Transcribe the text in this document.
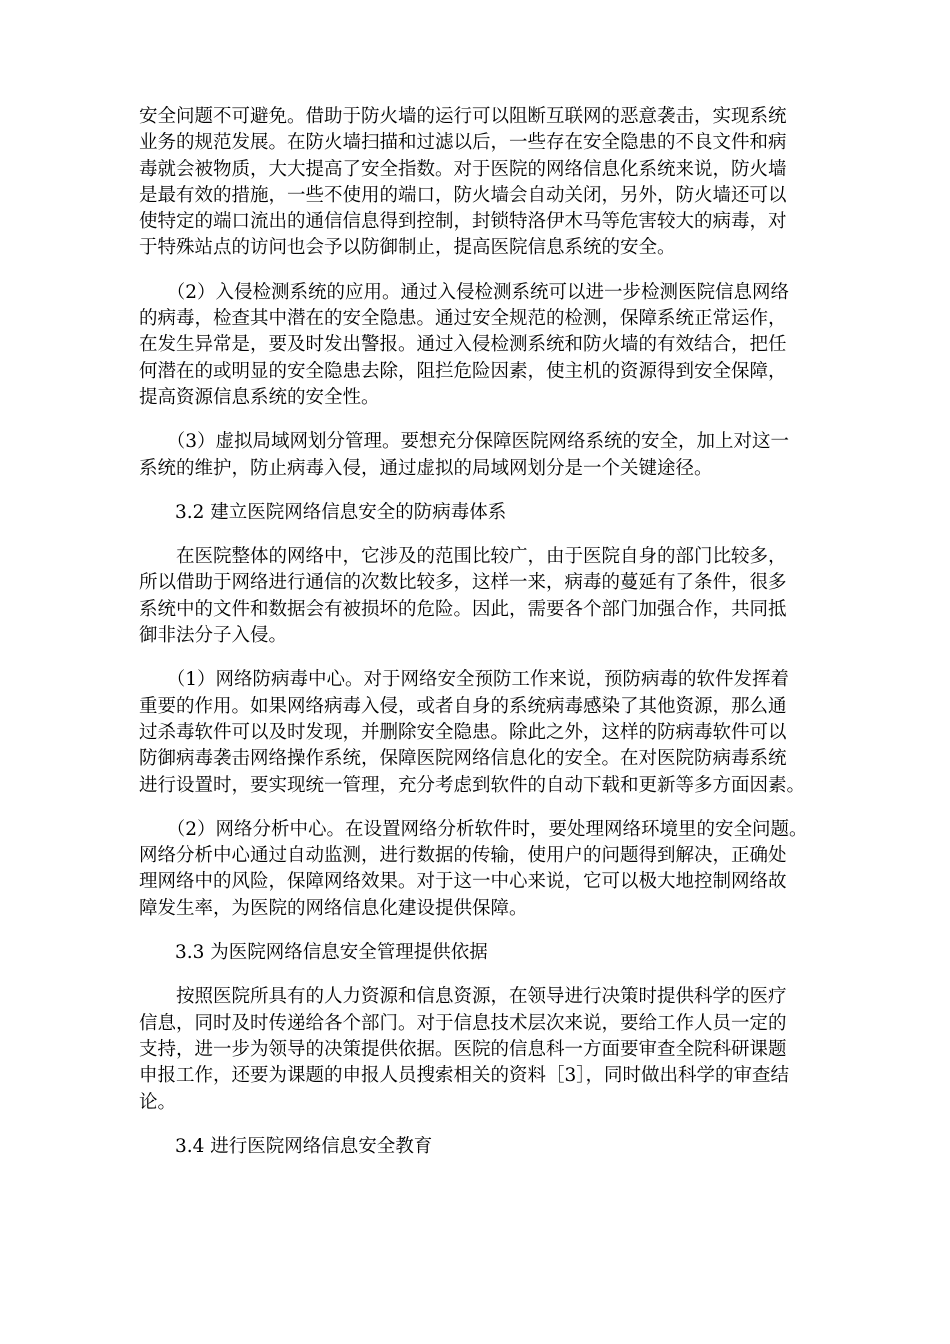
安全问题不可避免。借助于防火墙的运行可以阻断互联网的恶意袭击，实现系统
业务的规范发展。在防火墙扫描和过滤以后，一些存在安全隐患的不良文件和病
毒就会被物质，大大提高了安全指数。对于医院的网络信息化系统来说，防火墙
是最有效的措施，一些不使用的端口，防火墙会自动关闭，另外，防火墙还可以
使特定的端口流出的通信信息得到控制，封锁特洛伊木马等危害较大的病毒，对
于特殊站点的访问也会予以防御制止，提高医院信息系统的安全。
　　（2）入侵检测系统的应用。通过入侵检测系统可以进一步检测医院信息网络
的病毒，检查其中潜在的安全隐患。通过安全规范的检测，保障系统正常运作，
在发生异常是，要及时发出警报。通过入侵检测系统和防火墙的有效结合，把任
何潜在的或明显的安全隐患去除，阻拦危险因素，使主机的资源得到安全保障，
提高资源信息系统的安全性。
　　（3）虚拟局域网划分管理。要想充分保障医院网络系统的安全，加上对这一
系统的维护，防止病毒入侵，通过虚拟的局域网划分是一个关键途径。
3.2 建立医院网络信息安全的防病毒体系
　　在医院整体的网络中，它涉及的范围比较广，由于医院自身的部门比较多，
所以借助于网络进行通信的次数比较多，这样一来，病毒的蔓延有了条件，很多
系统中的文件和数据会有被损坏的危险。因此，需要各个部门加强合作，共同抵
御非法分子入侵。
　　（1）网络防病毒中心。对于网络安全预防工作来说，预防病毒的软件发挥着
重要的作用。如果网络病毒入侵，或者自身的系统病毒感染了其他资源，那么通
过杀毒软件可以及时发现，并删除安全隐患。除此之外，这样的防病毒软件可以
防御病毒袭击网络操作系统，保障医院网络信息化的安全。在对医院防病毒系统
进行设置时，要实现统一管理，充分考虑到软件的自动下载和更新等多方面因素。
　　（2）网络分析中心。在设置网络分析软件时，要处理网络环境里的安全问题。
网络分析中心通过自动监测，进行数据的传输，使用户的问题得到解决，正确处
理网络中的风险，保障网络效果。对于这一中心来说，它可以极大地控制网络故
障发生率，为医院的网络信息化建设提供保障。
3.3 为医院网络信息安全管理提供依据
　　按照医院所具有的人力资源和信息资源，在领导进行决策时提供科学的医疗
信息，同时及时传递给各个部门。对于信息技术层次来说，要给工作人员一定的
支持，进一步为领导的决策提供依据。医院的信息科一方面要审查全院科研课题
申报工作，还要为课题的申报人员搜索相关的资料［3］，同时做出科学的审查结
论。
3.4 进行医院网络信息安全教育
